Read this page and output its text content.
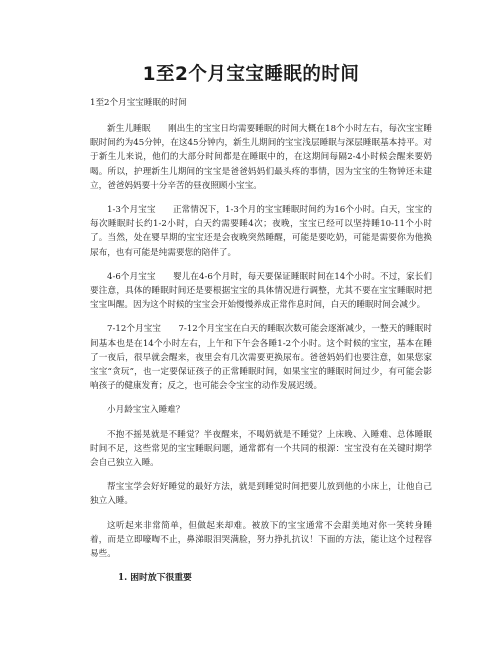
1至2个月宝宝睡眠的时间

1至2个月宝宝睡眠的时间

新生儿睡眠　　刚出生的宝宝日均需要睡眠的时间大概在18个小时左右，每次宝宝睡眠时间约为45分钟，在这45分钟内，新生儿期间的宝宝浅层睡眠与深层睡眠基本持平。对于新生儿来说，他们的大部分时间都是在睡眠中的，在这期间每隔2-4小时候会醒来要奶喝。所以，护理新生儿期间的宝宝是爸爸妈妈们最头疼的事情，因为宝宝的生物钟还未建立，爸爸妈妈要十分辛苦的昼夜照顾小宝宝。

1-3个月宝宝　　正常情况下，1-3个月的宝宝睡眠时间约为16个小时。白天，宝宝的每次睡眠时长约1-2小时，白天约需要睡4次；夜晚，宝宝已经可以坚持睡10-11个小时了。当然，处在婴早期的宝宝还是会夜晚突然睡醒，可能是要吃奶，可能是需要你为他换尿布，也有可能是纯需要您的陪伴了。

4-6个月宝宝　　婴儿在4-6个月时，每天要保证睡眠时间在14个小时。不过，家长们要注意，具体的睡眠时间还是要根据宝宝的具体情况进行调整，尤其不要在宝宝睡眠时把宝宝叫醒。因为这个时候的宝宝会开始慢慢养成正常作息时间，白天的睡眠时间会减少。

7-12个月宝宝　　7-12个月宝宝在白天的睡眠次数可能会逐渐减少，一整天的睡眠时间基本也是在14个小时左右，上午和下午会各睡1-2个小时。这个时候的宝宝，基本在睡了一夜后，很早就会醒来，夜里会有几次需要更换尿布。爸爸妈妈们也要注意，如果您家宝宝“贪玩”，也一定要保证孩子的正常睡眠时间，如果宝宝的睡眠时间过少，有可能会影响孩子的健康发育；反之，也可能会令宝宝的动作发展迟缓。

小月龄宝宝入睡难？

不抱不摇晃就是不睡觉？半夜醒来，不喝奶就是不睡觉？上床晚、入睡难、总体睡眠时间不足，这些常见的宝宝睡眠问题，通常都有一个共同的根源：宝宝没有在关键时期学会自己独立入睡。

帮宝宝学会好好睡觉的最好方法，就是到睡觉时间把要儿放到他的小床上，让他自己独立入睡。

这听起来非常简单，但做起来却难。被放下的宝宝通常不会甜美地对你一笑转身睡着，而是立即嚎啕不止，鼻涕眼泪哭满脸，努力挣扎抗议！下面的方法，能让这个过程容易些。

1. 困时放下很重要
